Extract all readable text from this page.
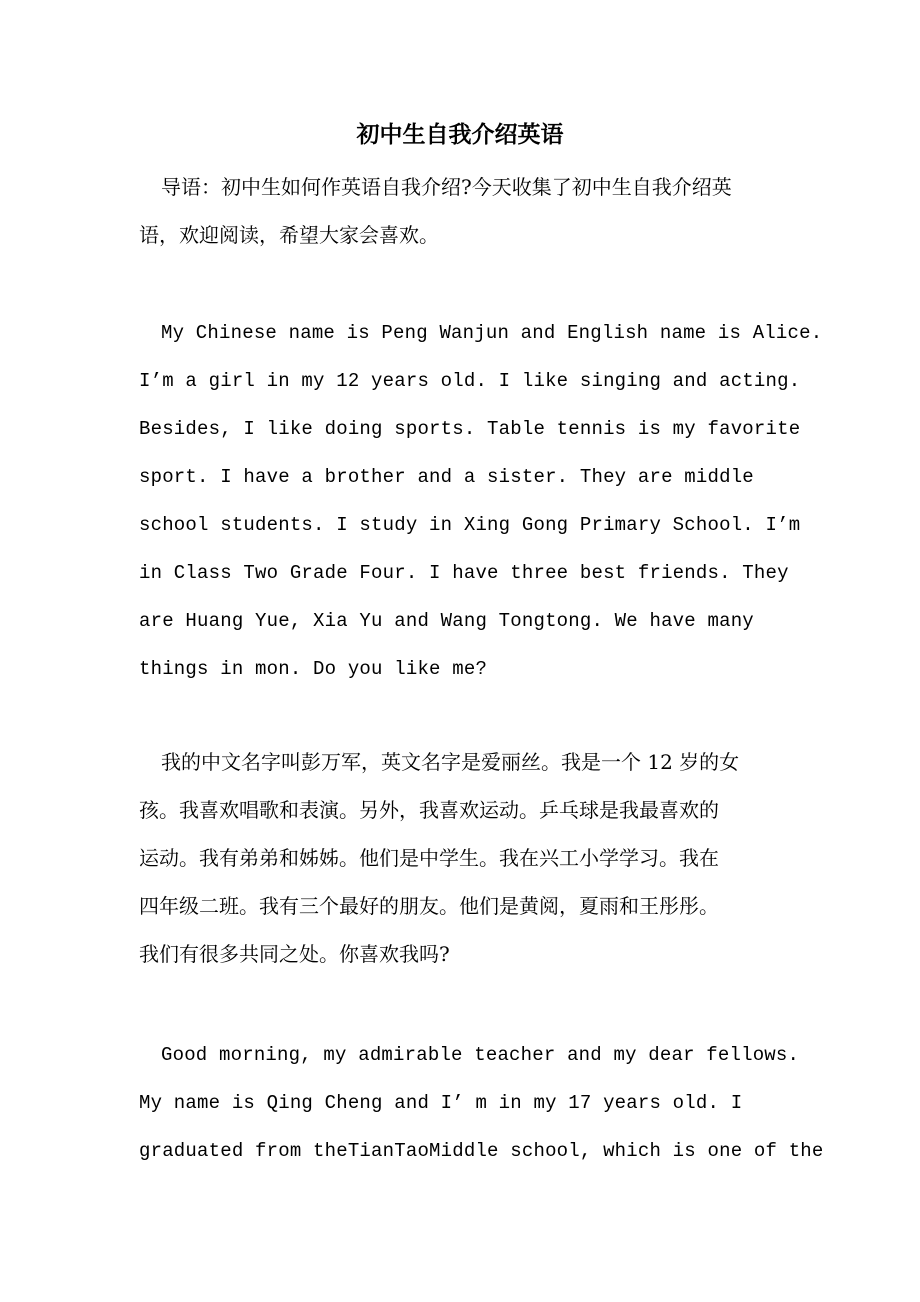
初中生自我介绍英语

导语：初中生如何作英语自我介绍?今天收集了初中生自我介绍英

语，欢迎阅读，希望大家会喜欢。

My Chinese name is Peng Wanjun and English name is Alice.

I’m a girl in my 12 years old. I like singing and acting.

Besides, I like doing sports. Table tennis is my favorite

sport. I have a brother and a sister. They are middle

school students. I study in Xing Gong Primary School. I’m

in Class Two Grade Four. I have three best friends. They

are Huang Yue, Xia Yu and Wang Tongtong. We have many

things in mon. Do you like me?

我的中文名字叫彭万军，英文名字是爱丽丝。我是一个 12 岁的女

孩。我喜欢唱歌和表演。另外，我喜欢运动。乒乓球是我最喜欢的

运动。我有弟弟和姊姊。他们是中学生。我在兴工小学学习。我在

四年级二班。我有三个最好的朋友。他们是黄阅，夏雨和王彤彤。

我们有很多共同之处。你喜欢我吗?

Good morning, my admirable teacher and my dear fellows.

My name is Qing Cheng and I’ m in my 17 years old. I

graduated from theTianTaoMiddle school, which is one of the
